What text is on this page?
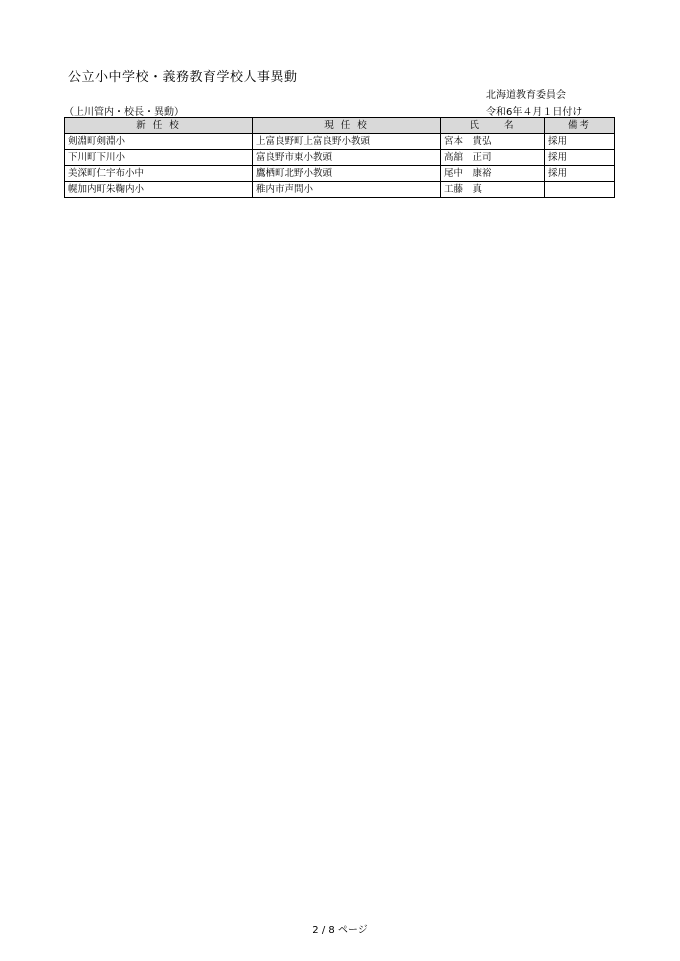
公立小中学校・義務教育学校人事異動
北海道教育委員会
（上川管内・校長・異動）	令和6年４月１日付け
新 任 校	現 任 校	氏　　名	備考
剣淵町剣淵小	上富良野町上富良野小教頭	宮本　貴弘	採用
下川町下川小	富良野市東小教頭	高舘　正司	採用
美深町仁宇布小中	鷹栖町北野小教頭	尾中　康裕	採用
幌加内町朱鞠内小	稚内市声問小	工藤　真	
2 / 8 ページ
